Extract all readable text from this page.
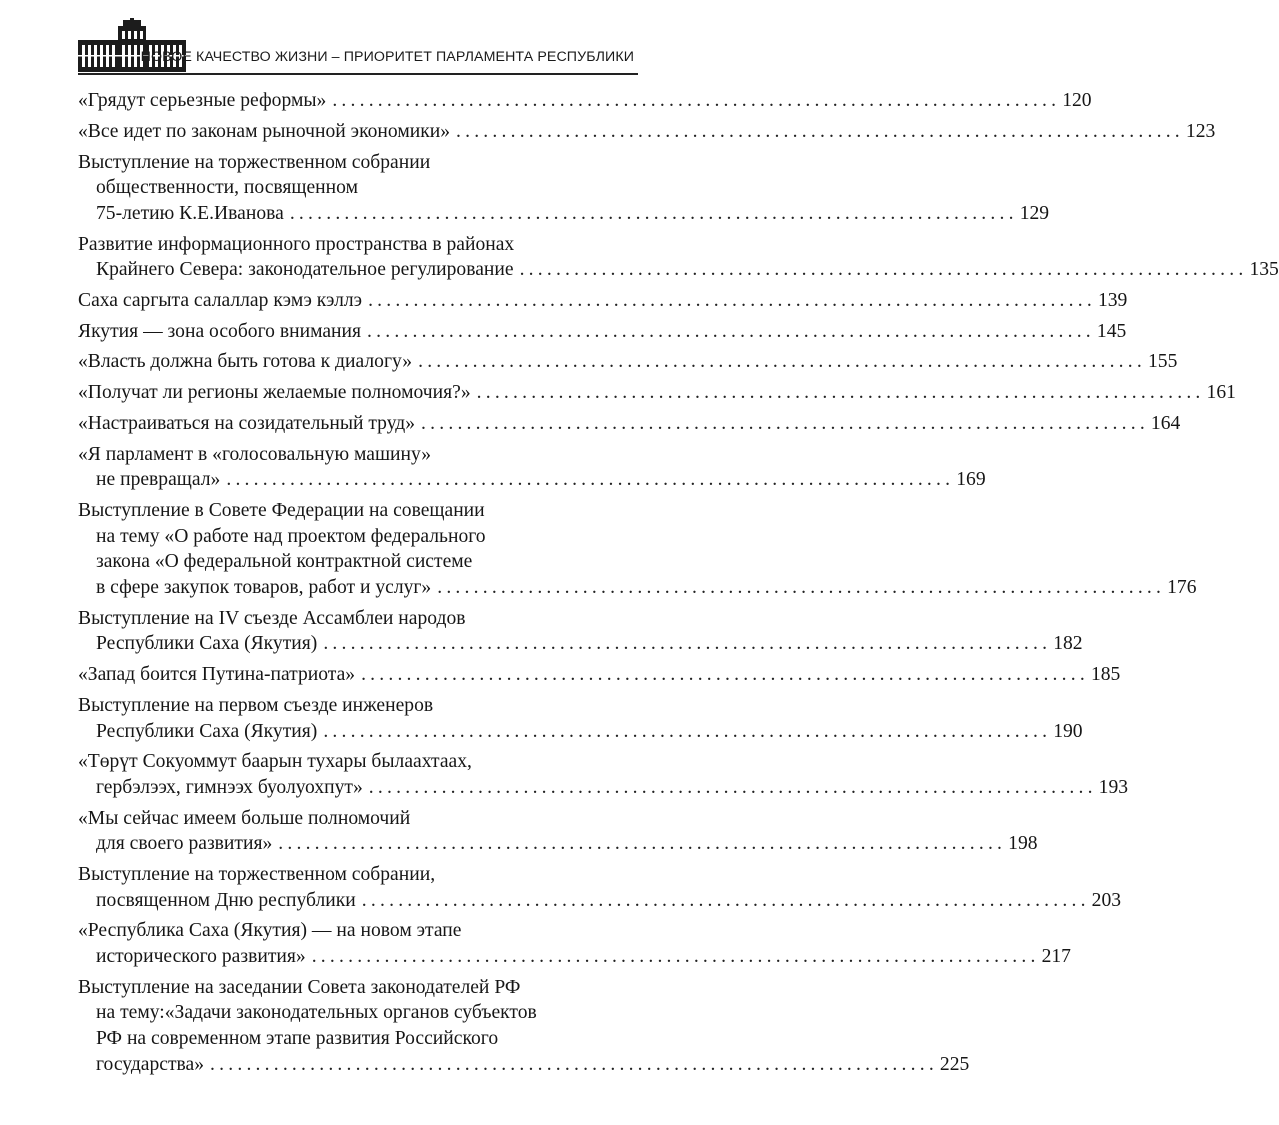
НОВОЕ КАЧЕСТВО ЖИЗНИ – ПРИОРИТЕТ ПАРЛАМЕНТА РЕСПУБЛИКИ
«Грядут серьезные реформы» ................................................................................ 120
«Все идет по законам рыночной экономики» ................................................................................ 123
Выступление на торжественном собрании
общественности, посвященном
75-летию К.Е.Иванова ................................................................................ 129
Развитие информационного пространства в районах
Крайнего Севера: законодательное регулирование ................................................................................ 135
Саха саргыта салаллар кэмэ кэллэ ................................................................................ 139
Якутия — зона особого внимания ................................................................................ 145
«Власть должна быть готова к диалогу» ................................................................................ 155
«Получат ли регионы желаемые полномочия?» ................................................................................ 161
«Настраиваться на созидательный труд» ................................................................................ 164
«Я парламент в «голосовальную машину»
не превращал» ................................................................................ 169
Выступление в Совете Федерации на совещании
на тему «О работе над проектом федерального
закона «О федеральной контрактной системе
в сфере закупок товаров, работ и услуг» ................................................................................ 176
Выступление на IV съезде Ассамблеи народов
Республики Саха (Якутия) ................................................................................ 182
«Запад боится Путина-патриота» ................................................................................ 185
Выступление на первом съезде инженеров
Республики Саха (Якутия) ................................................................................ 190
«Төрүт Сокуоммут баарын тухары былаахтаах,
гербэлээх, гимнээх буолуохпут» ................................................................................ 193
«Мы сейчас имеем больше полномочий
для своего развития» ................................................................................ 198
Выступление на торжественном собрании,
посвященном Дню республики ................................................................................ 203
«Республика Саха (Якутия) — на новом этапе
исторического развития» ................................................................................ 217
Выступление на заседании Совета законодателей РФ
на тему:«Задачи законодательных органов субъектов
РФ на современном этапе развития Российского
государства» ................................................................................ 225
